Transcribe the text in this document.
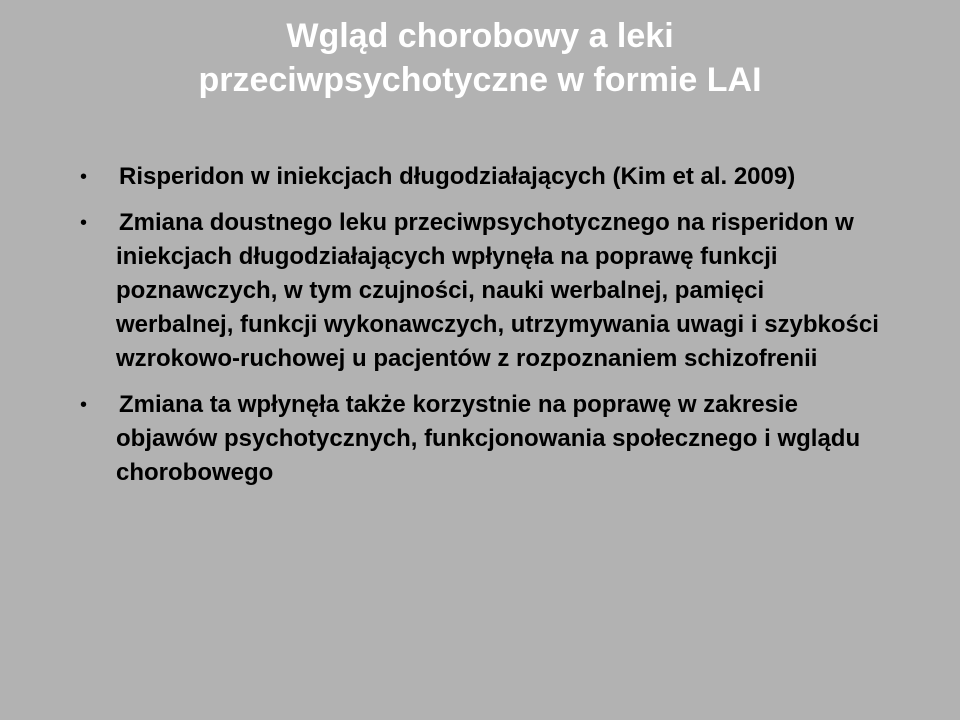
Wgląd chorobowy a leki
przeciwpsychotyczne w formie LAI
• Risperidon w iniekcjach długodziałających (Kim et al. 2009)
• Zmiana doustnego leku przeciwpsychotycznego na risperidon w iniekcjach długodziałających wpłynęła na poprawę funkcji poznawczych, w tym czujności, nauki werbalnej, pamięci werbalnej, funkcji wykonawczych, utrzymywania uwagi i szybkości wzrokowo-ruchowej u pacjentów z rozpoznaniem schizofrenii
• Zmiana ta wpłynęła także korzystnie na poprawę w zakresie objawów psychotycznych, funkcjonowania społecznego i wglądu chorobowego
